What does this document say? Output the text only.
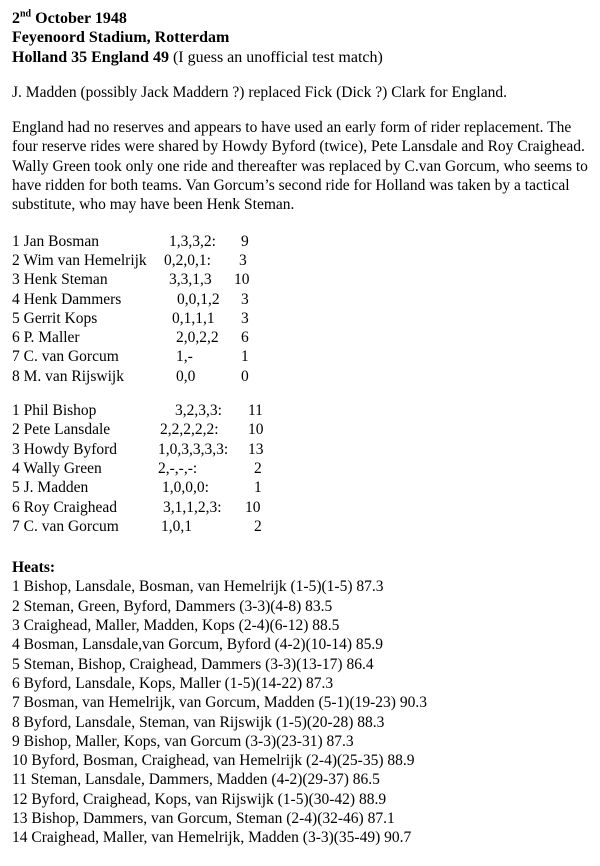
2nd October 1948
Feyenoord Stadium, Rotterdam
Holland 35 England 49 (I guess an unofficial test match)

J. Madden (possibly Jack Maddern ?) replaced Fick (Dick ?) Clark for England.

England had no reserves and appears to have used an early form of rider replacement. The four reserve rides were shared by Howdy Byford (twice), Pete Lansdale and Roy Craighead. Wally Green took only one ride and thereafter was replaced by C.van Gorcum, who seems to have ridden for both teams. Van Gorcum’s second ride for Holland was taken by a tactical substitute, who may have been Henk Steman.

1 Jan Bosman	1,3,3,2: 9
2 Wim van Hemelrijk 0,2,0,1: 3
3 Henk Steman	3,3,1,3 10
4 Henk Dammers	0,0,1,2 3
5 Gerrit Kops	0,1,1,1 3
6 P. Maller	2,0,2,2 6
7 C. van Gorcum	1,-	1
8 M. van Rijswijk	0,0	0
1 Phil Bishop	3,2,3,3: 11
2 Pete Lansdale	2,2,2,2,2: 10
3 Howdy Byford	1,0,3,3,3,3: 13
4 Wally Green	2,-,-,-:	2
5 J. Madden	1,0,0,0:	1
6 Roy Craighead	3,1,1,2,3: 10
7 C. van Gorcum	1,0,1	2
Heats:
1 Bishop, Lansdale, Bosman, van Hemelrijk (1-5)(1-5) 87.3
2 Steman, Green, Byford, Dammers (3-3)(4-8) 83.5
3 Craighead, Maller, Madden, Kops (2-4)(6-12) 88.5
4 Bosman, Lansdale,van Gorcum, Byford (4-2)(10-14) 85.9
5 Steman, Bishop, Craighead, Dammers (3-3)(13-17) 86.4
6 Byford, Lansdale, Kops, Maller (1-5)(14-22) 87.3
7 Bosman, van Hemelrijk, van Gorcum, Madden (5-1)(19-23) 90.3
8 Byford, Lansdale, Steman, van Rijswijk (1-5)(20-28) 88.3
9 Bishop, Maller, Kops, van Gorcum (3-3)(23-31) 87.3
10 Byford, Bosman, Craighead, van Hemelrijk (2-4)(25-35) 88.9
11 Steman, Lansdale, Dammers, Madden (4-2)(29-37) 86.5
12 Byford, Craighead, Kops, van Rijswijk (1-5)(30-42) 88.9
13 Bishop, Dammers, van Gorcum, Steman (2-4)(32-46) 87.1
14 Craighead, Maller, van Hemelrijk, Madden (3-3)(35-49) 90.7
